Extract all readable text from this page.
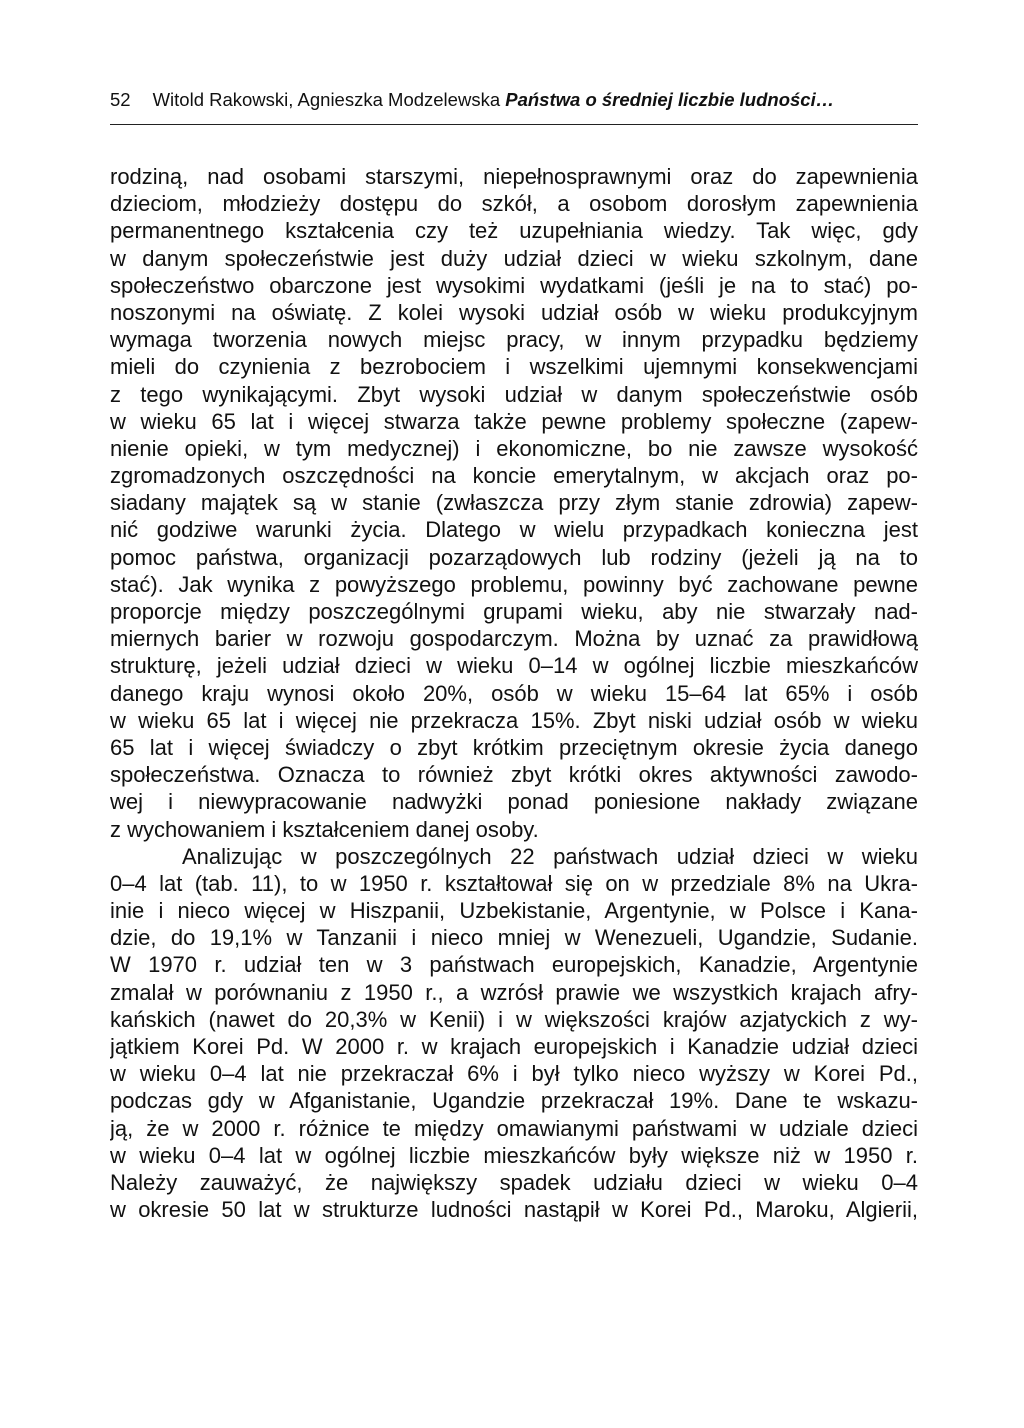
52 Witold Rakowski, Agnieszka Modzelewska Państwa o średniej liczbie ludności…
rodziną, nad osobami starszymi, niepełnosprawnymi oraz do zapewnienia
dzieciom, młodzieży dostępu do szkół, a osobom dorosłym zapewnienia
permanentnego kształcenia czy też uzupełniania wiedzy. Tak więc, gdy
w danym społeczeństwie jest duży udział dzieci w wieku szkolnym, dane
społeczeństwo obarczone jest wysokimi wydatkami (jeśli je na to stać) po-
noszonymi na oświatę. Z kolei wysoki udział osób w wieku produkcyjnym
wymaga tworzenia nowych miejsc pracy, w innym przypadku będziemy
mieli do czynienia z bezrobociem i wszelkimi ujemnymi konsekwencjami
z tego wynikającymi. Zbyt wysoki udział w danym społeczeństwie osób
w wieku 65 lat i więcej stwarza także pewne problemy społeczne (zapew-
nienie opieki, w tym medycznej) i ekonomiczne, bo nie zawsze wysokość
zgromadzonych oszczędności na koncie emerytalnym, w akcjach oraz po-
siadany majątek są w stanie (zwłaszcza przy złym stanie zdrowia) zapew-
nić godziwe warunki życia. Dlatego w wielu przypadkach konieczna jest
pomoc państwa, organizacji pozarządowych lub rodziny (jeżeli ją na to
stać). Jak wynika z powyższego problemu, powinny być zachowane pewne
proporcje między poszczególnymi grupami wieku, aby nie stwarzały nad-
miernych barier w rozwoju gospodarczym. Można by uznać za prawidłową
strukturę, jeżeli udział dzieci w wieku 0–14 w ogólnej liczbie mieszkańców
danego kraju wynosi około 20%, osób w wieku 15–64 lat 65% i osób
w wieku 65 lat i więcej nie przekracza 15%. Zbyt niski udział osób w wieku
65 lat i więcej świadczy o zbyt krótkim przeciętnym okresie życia danego
społeczeństwa. Oznacza to również zbyt krótki okres aktywności zawodo-
wej i niewypracowanie nadwyżki ponad poniesione nakłady związane
z wychowaniem i kształceniem danej osoby.
Analizując w poszczególnych 22 państwach udział dzieci w wieku
0–4 lat (tab. 11), to w 1950 r. kształtował się on w przedziale 8% na Ukra-
inie i nieco więcej w Hiszpanii, Uzbekistanie, Argentynie, w Polsce i Kana-
dzie, do 19,1% w Tanzanii i nieco mniej w Wenezueli, Ugandzie, Sudanie.
W 1970 r. udział ten w 3 państwach europejskich, Kanadzie, Argentynie
zmalał w porównaniu z 1950 r., a wzrósł prawie we wszystkich krajach afry-
kańskich (nawet do 20,3% w Kenii) i w większości krajów azjatyckich z wy-
jątkiem Korei Pd. W 2000 r. w krajach europejskich i Kanadzie udział dzieci
w wieku 0–4 lat nie przekraczał 6% i był tylko nieco wyższy w Korei Pd.,
podczas gdy w Afganistanie, Ugandzie przekraczał 19%. Dane te wskazu-
ją, że w 2000 r. różnice te między omawianymi państwami w udziale dzieci
w wieku 0–4 lat w ogólnej liczbie mieszkańców były większe niż w 1950 r.
Należy zauważyć, że największy spadek udziału dzieci w wieku 0–4
w okresie 50 lat w strukturze ludności nastąpił w Korei Pd., Maroku, Algierii,
